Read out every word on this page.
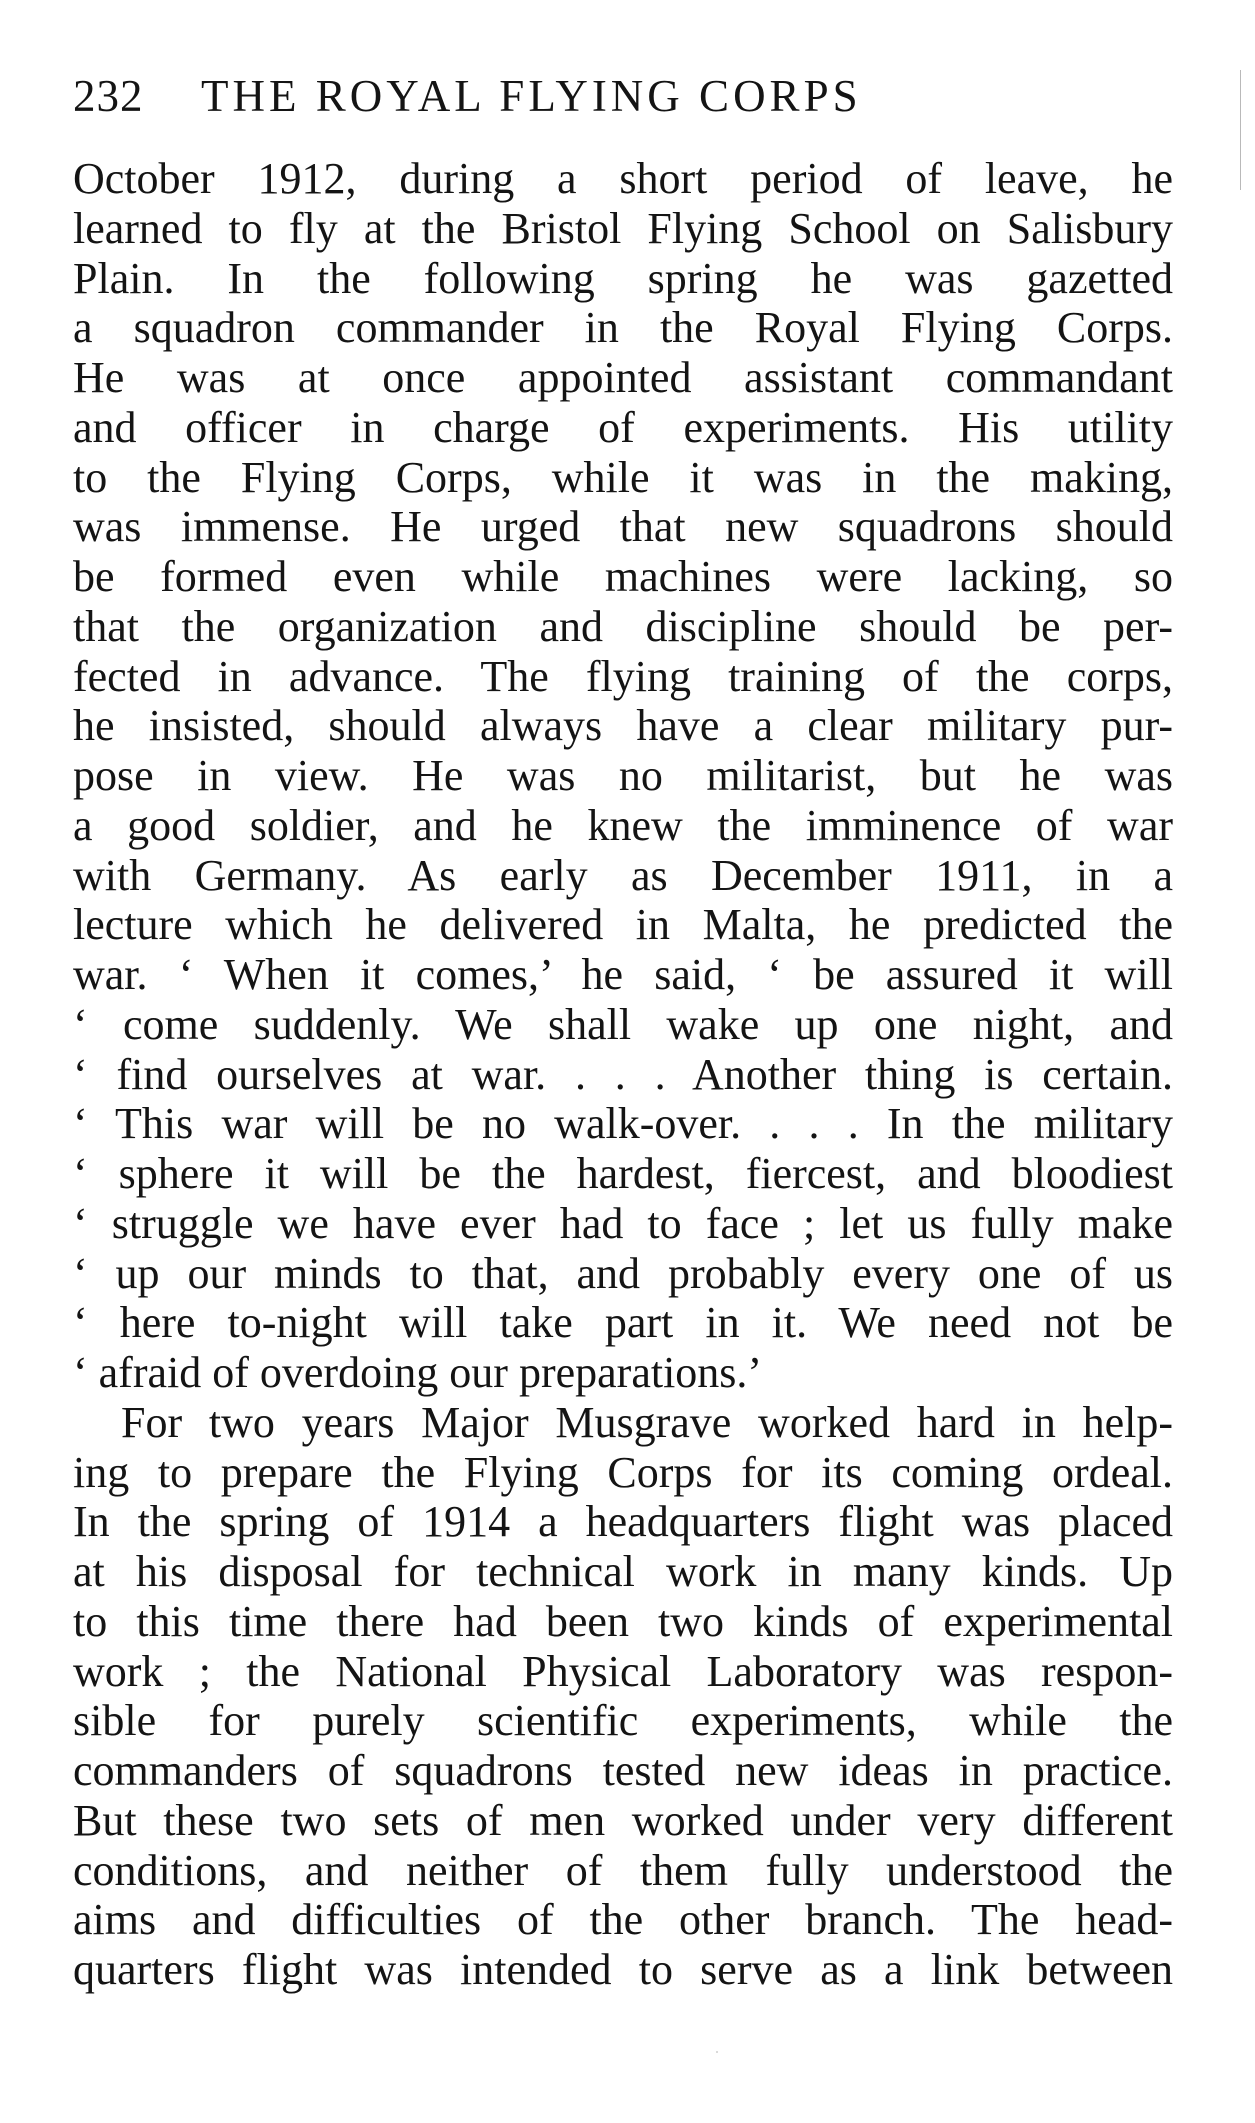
232 THE ROYAL FLYING CORPS
October 1912, during a short period of leave, he
learned to fly at the Bristol Flying School on Salisbury
Plain. In the following spring he was gazetted
a squadron commander in the Royal Flying Corps.
He was at once appointed assistant commandant
and officer in charge of experiments. His utility
to the Flying Corps, while it was in the making,
was immense. He urged that new squadrons should
be formed even while machines were lacking, so
that the organization and discipline should be per-
fected in advance. The flying training of the corps,
he insisted, should always have a clear military pur-
pose in view. He was no militarist, but he was
a good soldier, and he knew the imminence of war
with Germany. As early as December 1911, in a
lecture which he delivered in Malta, he predicted the
war. ‘ When it comes,’ he said, ‘ be assured it will
‘ come suddenly. We shall wake up one night, and
‘ find ourselves at war. . . . Another thing is certain.
‘ This war will be no walk-over. . . . In the military
‘ sphere it will be the hardest, fiercest, and bloodiest
‘ struggle we have ever had to face ; let us fully make
‘ up our minds to that, and probably every one of us
‘ here to-night will take part in it. We need not be
‘ afraid of overdoing our preparations.’
For two years Major Musgrave worked hard in help-
ing to prepare the Flying Corps for its coming ordeal.
In the spring of 1914 a headquarters flight was placed
at his disposal for technical work in many kinds. Up
to this time there had been two kinds of experimental
work ; the National Physical Laboratory was respon-
sible for purely scientific experiments, while the
commanders of squadrons tested new ideas in practice.
But these two sets of men worked under very different
conditions, and neither of them fully understood the
aims and difficulties of the other branch. The head-
quarters flight was intended to serve as a link between
